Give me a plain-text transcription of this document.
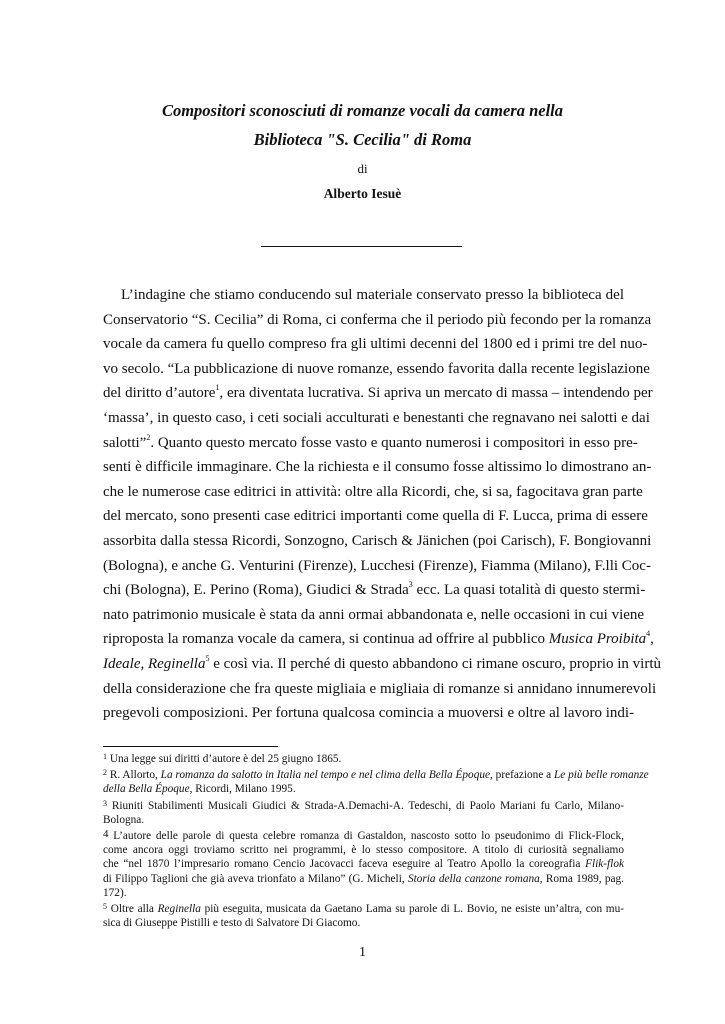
Compositori sconosciuti di romanze vocali da camera nella
Biblioteca "S. Cecilia" di Roma
di
Alberto Iesuè
L’indagine che stiamo conducendo sul materiale conservato presso la biblioteca del
Conservatorio “S. Cecilia” di Roma, ci conferma che il periodo più fecondo per la romanza
vocale da camera fu quello compreso fra gli ultimi decenni del 1800 ed i primi tre del nuo-
vo secolo. “La pubblicazione di nuove romanze, essendo favorita dalla recente legislazione
del diritto d’autore$^1$, era diventata lucrativa. Si apriva un mercato di massa – intendendo per
‘massa’, in questo caso, i ceti sociali acculturati e benestanti che regnavano nei salotti e dai
salotti”$^2$. Quanto questo mercato fosse vasto e quanto numerosi i compositori in esso pre-
senti è difficile immaginare. Che la richiesta e il consumo fosse altissimo lo dimostrano an-
che le numerose case editrici in attività: oltre alla Ricordi, che, si sa, fagocitava gran parte
del mercato, sono presenti case editrici importanti come quella di F. Lucca, prima di essere
assorbita dalla stessa Ricordi, Sonzogno, Carisch & Jänichen (poi Carisch), F. Bongiovanni
(Bologna), e anche G. Venturini (Firenze), Lucchesi (Firenze), Fiamma (Milano), F.lli Coc-
chi (Bologna), E. Perino (Roma), Giudici & Strada$^3$ ecc. La quasi totalità di questo stermi-
nato patrimonio musicale è stata da anni ormai abbandonata e, nelle occasioni in cui viene
riproposta la romanza vocale da camera, si continua ad offrire al pubblico Musica Proibita$^4$,
Ideale, Reginella$^5$ e così via. Il perché di questo abbandono ci rimane oscuro, proprio in virtù
della considerazione che fra queste migliaia e migliaia di romanze si annidano innumerevoli
pregevoli composizioni. Per fortuna qualcosa comincia a muoversi e oltre al lavoro indi-
$^1$ Una legge sui diritti d’autore è del 25 giugno 1865.
$^2$ R. Allorto, La romanza da salotto in Italia nel tempo e nel clima della Bella Époque, prefazione a Le più belle romanze
della Bella Époque, Ricordi, Milano 1995.
$^3$ Riuniti Stabilimenti Musicali Giudici & Strada-A.Demachi-A. Tedeschi, di Paolo Mariani fu Carlo, Milano-
Bologna.
4 L’autore delle parole di questa celebre romanza di Gastaldon, nascosto sotto lo pseudonimo di Flick-Flock,
come ancora oggi troviamo scritto nei programmi, è lo stesso compositore. A titolo di curiosità segnaliamo
che “nel 1870 l’impresario romano Cencio Jacovacci faceva eseguire al Teatro Apollo la coreografia Flik-flok
di Filippo Taglioni che già aveva trionfato a Milano” (G. Micheli, Storia della canzone romana, Roma 1989, pag.
172).
$^5$ Oltre alla Reginella più eseguita, musicata da Gaetano Lama su parole di L. Bovio, ne esiste un’altra, con mu-
sica di Giuseppe Pistilli e testo di Salvatore Di Giacomo.
1
